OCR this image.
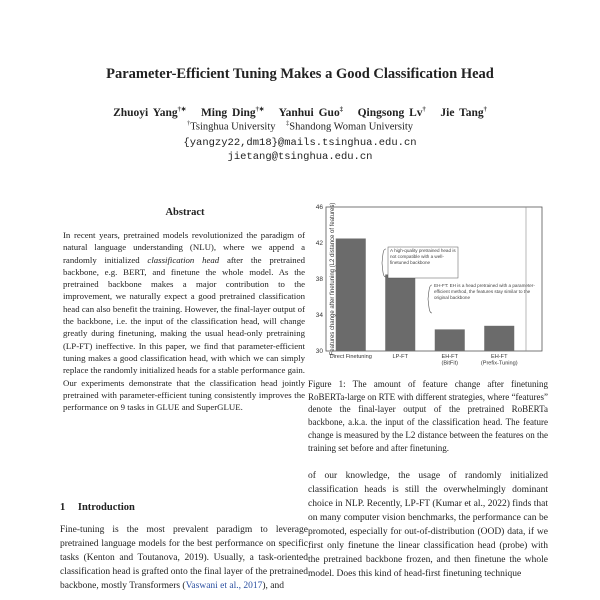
Parameter-Efficient Tuning Makes a Good Classification Head
Zhuoyi Yang†∗ Ming Ding†∗ Yanhui Guo‡ Qingsong Lv† Jie Tang†
†Tsinghua University ‡Shandong Woman University
{yangzy22,dm18}@mails.tsinghua.edu.cn
jietang@tsinghua.edu.cn
Abstract
In recent years, pretrained models revolutionized the paradigm of natural language understanding (NLU), where we append a randomly initialized classification head after the pretrained backbone, e.g. BERT, and finetune the whole model. As the pretrained backbone makes a major contribution to the improvement, we naturally expect a good pretrained classification head can also benefit the training. However, the final-layer output of the backbone, i.e. the input of the classification head, will change greatly during finetuning, making the usual head-only pretraining (LP-FT) ineffective. In this paper, we find that parameter-efficient tuning makes a good classification head, with which we can simply replace the randomly initialized heads for a stable performance gain. Our experiments demonstrate that the classification head jointly pretrained with parameter-efficient tuning consistently improves the performance on 9 tasks in GLUE and SuperGLUE.
1 Introduction
Fine-tuning is the most prevalent paradigm to leverage pretrained language models for the best performance on specific tasks (Kenton and Toutanova, 2019). Usually, a task-oriented classification head is grafted onto the final layer of the pretrained backbone, mostly Transformers (Vaswani et al., 2017), and
30
34
38
42
46 Features change after finetuning (L2 distance of features)
Direct Finetuning	LP-FT	EH-FT
(BitFit)
EH-FT
(Prefix-Tuning)
A high-quality pretrained head is not compatible with a well-finetuned backbone
EH-FT: EH is a head pretrained with a parameter-efficient method, the features stay similar to the original backbone
Figure 1: The amount of feature change after finetuning RoBERTa-large on RTE with different strategies, where “features” denote the final-layer output of the pretrained RoBERTa backbone, a.k.a. the input of the classification head. The feature change is measured by the L2 distance between the features on the training set before and after finetuning.
of our knowledge, the usage of randomly initialized classification heads is still the overwhelmingly dominant choice in NLP. Recently, LP-FT (Kumar et al., 2022) finds that on many computer vision benchmarks, the performance can be promoted, especially for out-of-distribution (OOD) data, if we first only finetune the linear classification head (probe) with the pretrained backbone frozen, and then finetune the whole model. Does this kind of head-first finetuning technique
